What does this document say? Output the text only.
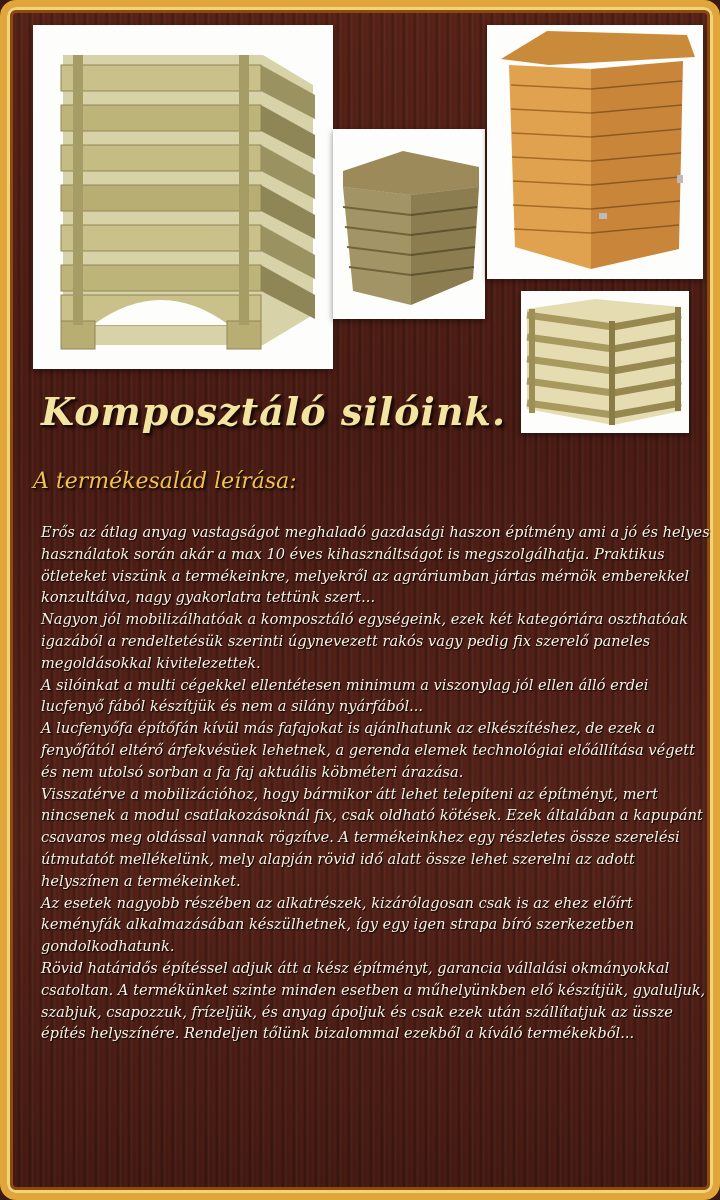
Komposztáló silóink.
A termékesalád leírása:

Erős az átlag anyag vastagságot meghaladó gazdasági haszon építmény ami a jó és helyes használatok során akár a max 10 éves kihasználtságot is megszolgálhatja. Praktikus ötleteket viszünk a termékeinkre, melyekről az agráriumban jártas mérnök emberekkel konzultálva, nagy gyakorlatra tettünk szert...

Nagyon jól mobilizálhatóak a komposztáló egységeink, ezek két kategóriára oszthatóak igazából a rendeltetésük szerinti úgynevezett rakós vagy pedig fix szerelő paneles megoldásokkal kivitelezettek.

A silóinkat a multi cégekkel ellentétesen minimum a viszonylag jól ellen álló erdei lucfenyő fából készítjük és nem a silány nyárfából...

A lucfenyőfa építőfán kívül más fafajokat is ajánlhatunk az elkészítéshez, de ezek a fenyőfától eltérő árfekvésüek lehetnek, a gerenda elemek technológiai előállítása végett és nem utolsó sorban a fa faj aktuális köbméteri árazása.

Visszatérve a mobilizációhoz, hogy bármikor átt lehet telepíteni az építményt, mert nincsenek a modul csatlakozásoknál fix, csak oldható kötések. Ezek általában a kapupánt csavaros meg oldással vannak rögzítve. A termékeinkhez egy részletes össze szerelési útmutatót mellékelünk, mely alapján rövid idő alatt össze lehet szerelni az adott helyszínen a termékeinket.

Az esetek nagyobb részében az alkatrészek, kizárólagosan csak is az ehez előírt keményfák alkalmazásában készülhetnek, így egy igen strapa bíró szerkezetben gondolkodhatunk.

Rövid határidős építéssel adjuk átt a kész építményt, garancia vállalási okmányokkal csatoltan. A termékünket szinte minden esetben a műhelyünkben elő készítjük, gyaluljuk, szabjuk, csapozzuk, frízeljük, és anyag ápoljuk és csak ezek után szállítatjuk az üssze építés helyszínére. Rendeljen tőlünk bizalommal ezekből a kíváló termékekből...
